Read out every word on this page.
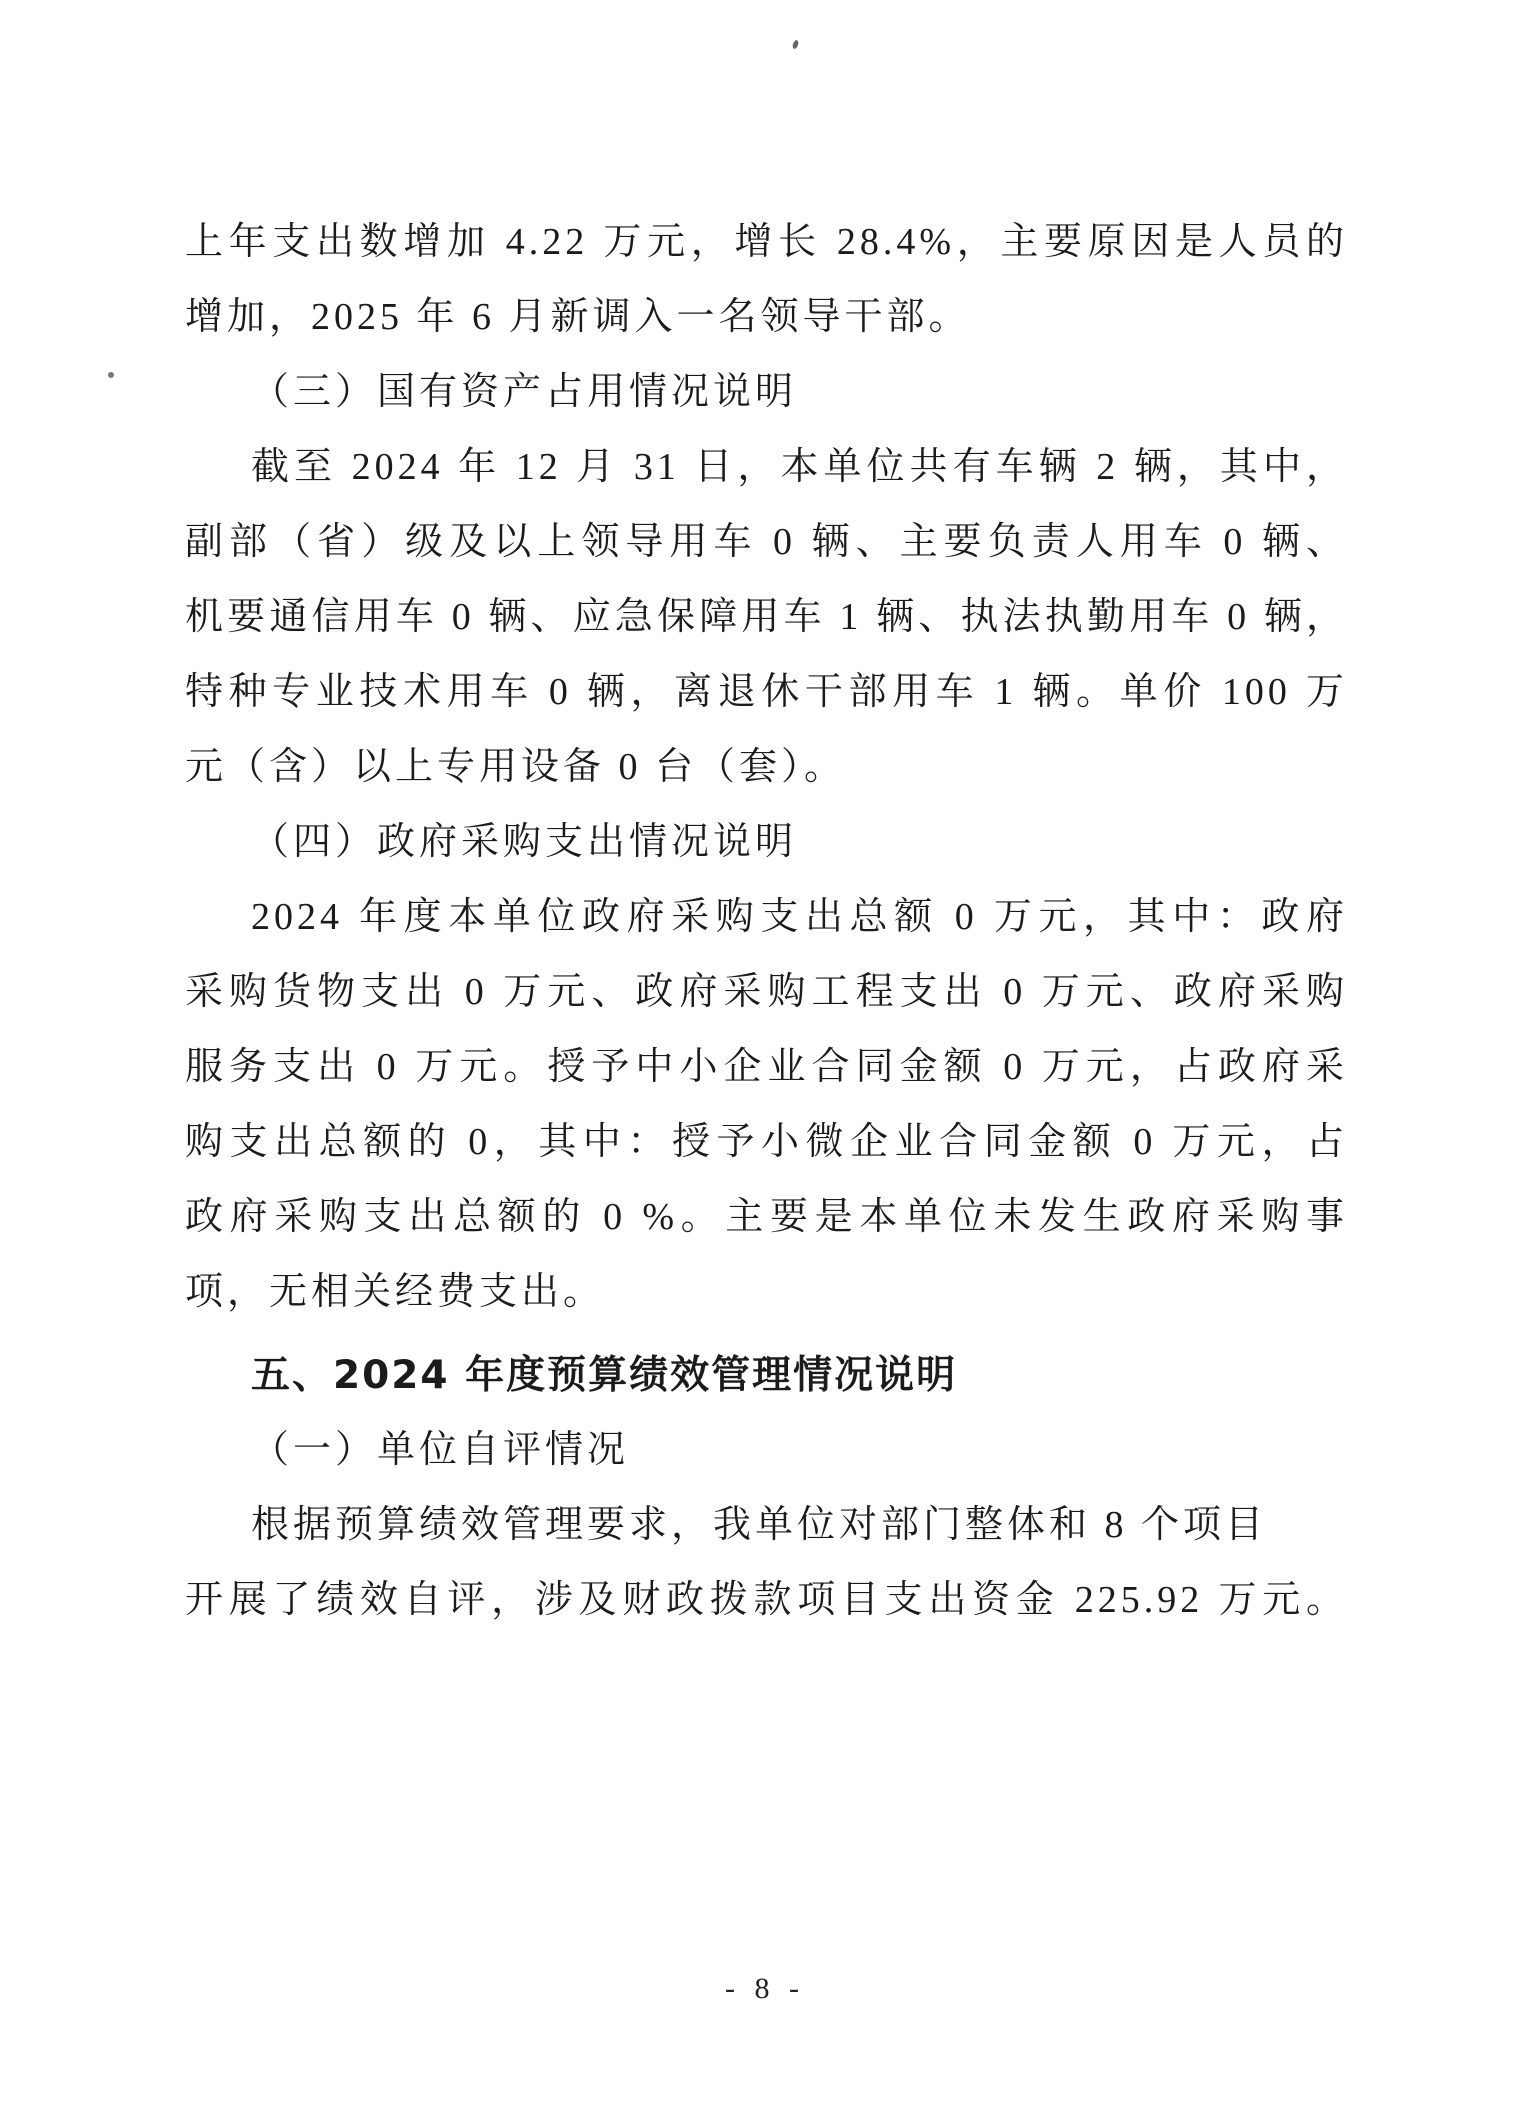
上年支出数增加 4.22 万元，增长 28.4%，主要原因是人员的
增加，2025 年 6 月新调入一名领导干部。
（三）国有资产占用情况说明
截至 2024 年 12 月 31 日，本单位共有车辆 2 辆，其中，
副部（省）级及以上领导用车 0 辆、主要负责人用车 0 辆、
机要通信用车 0 辆、应急保障用车 1 辆、执法执勤用车 0 辆，
特种专业技术用车 0 辆，离退休干部用车 1 辆。单价 100 万
元（含）以上专用设备 0 台（套）。
（四）政府采购支出情况说明
2024 年度本单位政府采购支出总额 0 万元，其中：政府
采购货物支出 0 万元、政府采购工程支出 0 万元、政府采购
服务支出 0 万元。授予中小企业合同金额 0 万元，占政府采
购支出总额的 0，其中：授予小微企业合同金额 0 万元，占
政府采购支出总额的 0 %。主要是本单位未发生政府采购事
项，无相关经费支出。
五、2024 年度预算绩效管理情况说明
（一）单位自评情况
根据预算绩效管理要求，我单位对部门整体和 8 个项目
开展了绩效自评，涉及财政拨款项目支出资金 225.92 万元。
- 8 -
